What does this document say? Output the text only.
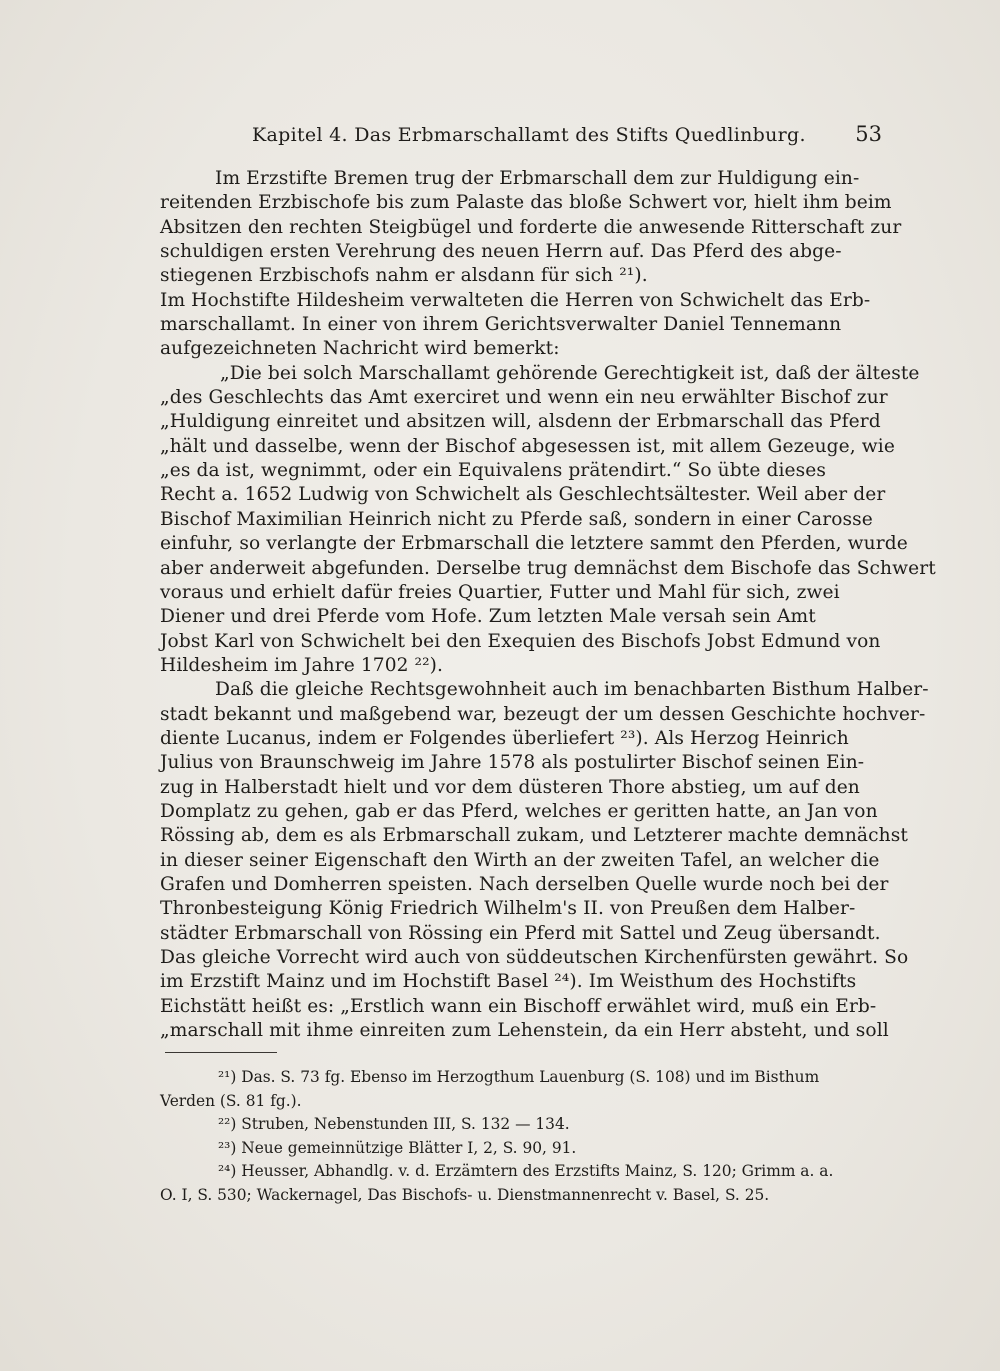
Kapitel 4. Das Erbmarschallamt des Stifts Quedlinburg. 53
Im Erzstifte Bremen trug der Erbmarschall dem zur Huldigung ein-
reitenden Erzbischofe bis zum Palaste das bloße Schwert vor, hielt ihm beim
Absitzen den rechten Steigbügel und forderte die anwesende Ritterschaft zur
schuldigen ersten Verehrung des neuen Herrn auf. Das Pferd des abge-
stiegenen Erzbischofs nahm er alsdann für sich ²¹).
Im Hochstifte Hildesheim verwalteten die Herren von Schwichelt das Erb-
marschallamt. In einer von ihrem Gerichtsverwalter Daniel Tennemann
aufgezeichneten Nachricht wird bemerkt:
„Die bei solch Marschallamt gehörende Gerechtigkeit ist, daß der älteste
„des Geschlechts das Amt exerciret und wenn ein neu erwählter Bischof zur
„Huldigung einreitet und absitzen will, alsdenn der Erbmarschall das Pferd
„hält und dasselbe, wenn der Bischof abgesessen ist, mit allem Gezeuge, wie
„es da ist, wegnimmt, oder ein Equivalens prätendirt.“ So übte dieses
Recht a. 1652 Ludwig von Schwichelt als Geschlechtsältester. Weil aber der
Bischof Maximilian Heinrich nicht zu Pferde saß, sondern in einer Carosse
einfuhr, so verlangte der Erbmarschall die letztere sammt den Pferden, wurde
aber anderweit abgefunden. Derselbe trug demnächst dem Bischofe das Schwert
voraus und erhielt dafür freies Quartier, Futter und Mahl für sich, zwei
Diener und drei Pferde vom Hofe. Zum letzten Male versah sein Amt
Jobst Karl von Schwichelt bei den Exequien des Bischofs Jobst Edmund von
Hildesheim im Jahre 1702 ²²).
Daß die gleiche Rechtsgewohnheit auch im benachbarten Bisthum Halber-
stadt bekannt und maßgebend war, bezeugt der um dessen Geschichte hochver-
diente Lucanus, indem er Folgendes überliefert ²³). Als Herzog Heinrich
Julius von Braunschweig im Jahre 1578 als postulirter Bischof seinen Ein-
zug in Halberstadt hielt und vor dem düsteren Thore abstieg, um auf den
Domplatz zu gehen, gab er das Pferd, welches er geritten hatte, an Jan von
Rössing ab, dem es als Erbmarschall zukam, und Letzterer machte demnächst
in dieser seiner Eigenschaft den Wirth an der zweiten Tafel, an welcher die
Grafen und Domherren speisten. Nach derselben Quelle wurde noch bei der
Thronbesteigung König Friedrich Wilhelm's II. von Preußen dem Halber-
städter Erbmarschall von Rössing ein Pferd mit Sattel und Zeug übersandt.
Das gleiche Vorrecht wird auch von süddeutschen Kirchenfürsten gewährt. So
im Erzstift Mainz und im Hochstift Basel ²⁴). Im Weisthum des Hochstifts
Eichstätt heißt es: „Erstlich wann ein Bischoff erwählet wird, muß ein Erb-
„marschall mit ihme einreiten zum Lehenstein, da ein Herr absteht, und soll
²¹) Das. S. 73 fg. Ebenso im Herzogthum Lauenburg (S. 108) und im Bisthum
Verden (S. 81 fg.).
²²) Struben, Nebenstunden III, S. 132 — 134.
²³) Neue gemeinnützige Blätter I, 2, S. 90, 91.
²⁴) Heusser, Abhandlg. v. d. Erzämtern des Erzstifts Mainz, S. 120; Grimm a. a.
O. I, S. 530; Wackernagel, Das Bischofs- u. Dienstmannenrecht v. Basel, S. 25.
